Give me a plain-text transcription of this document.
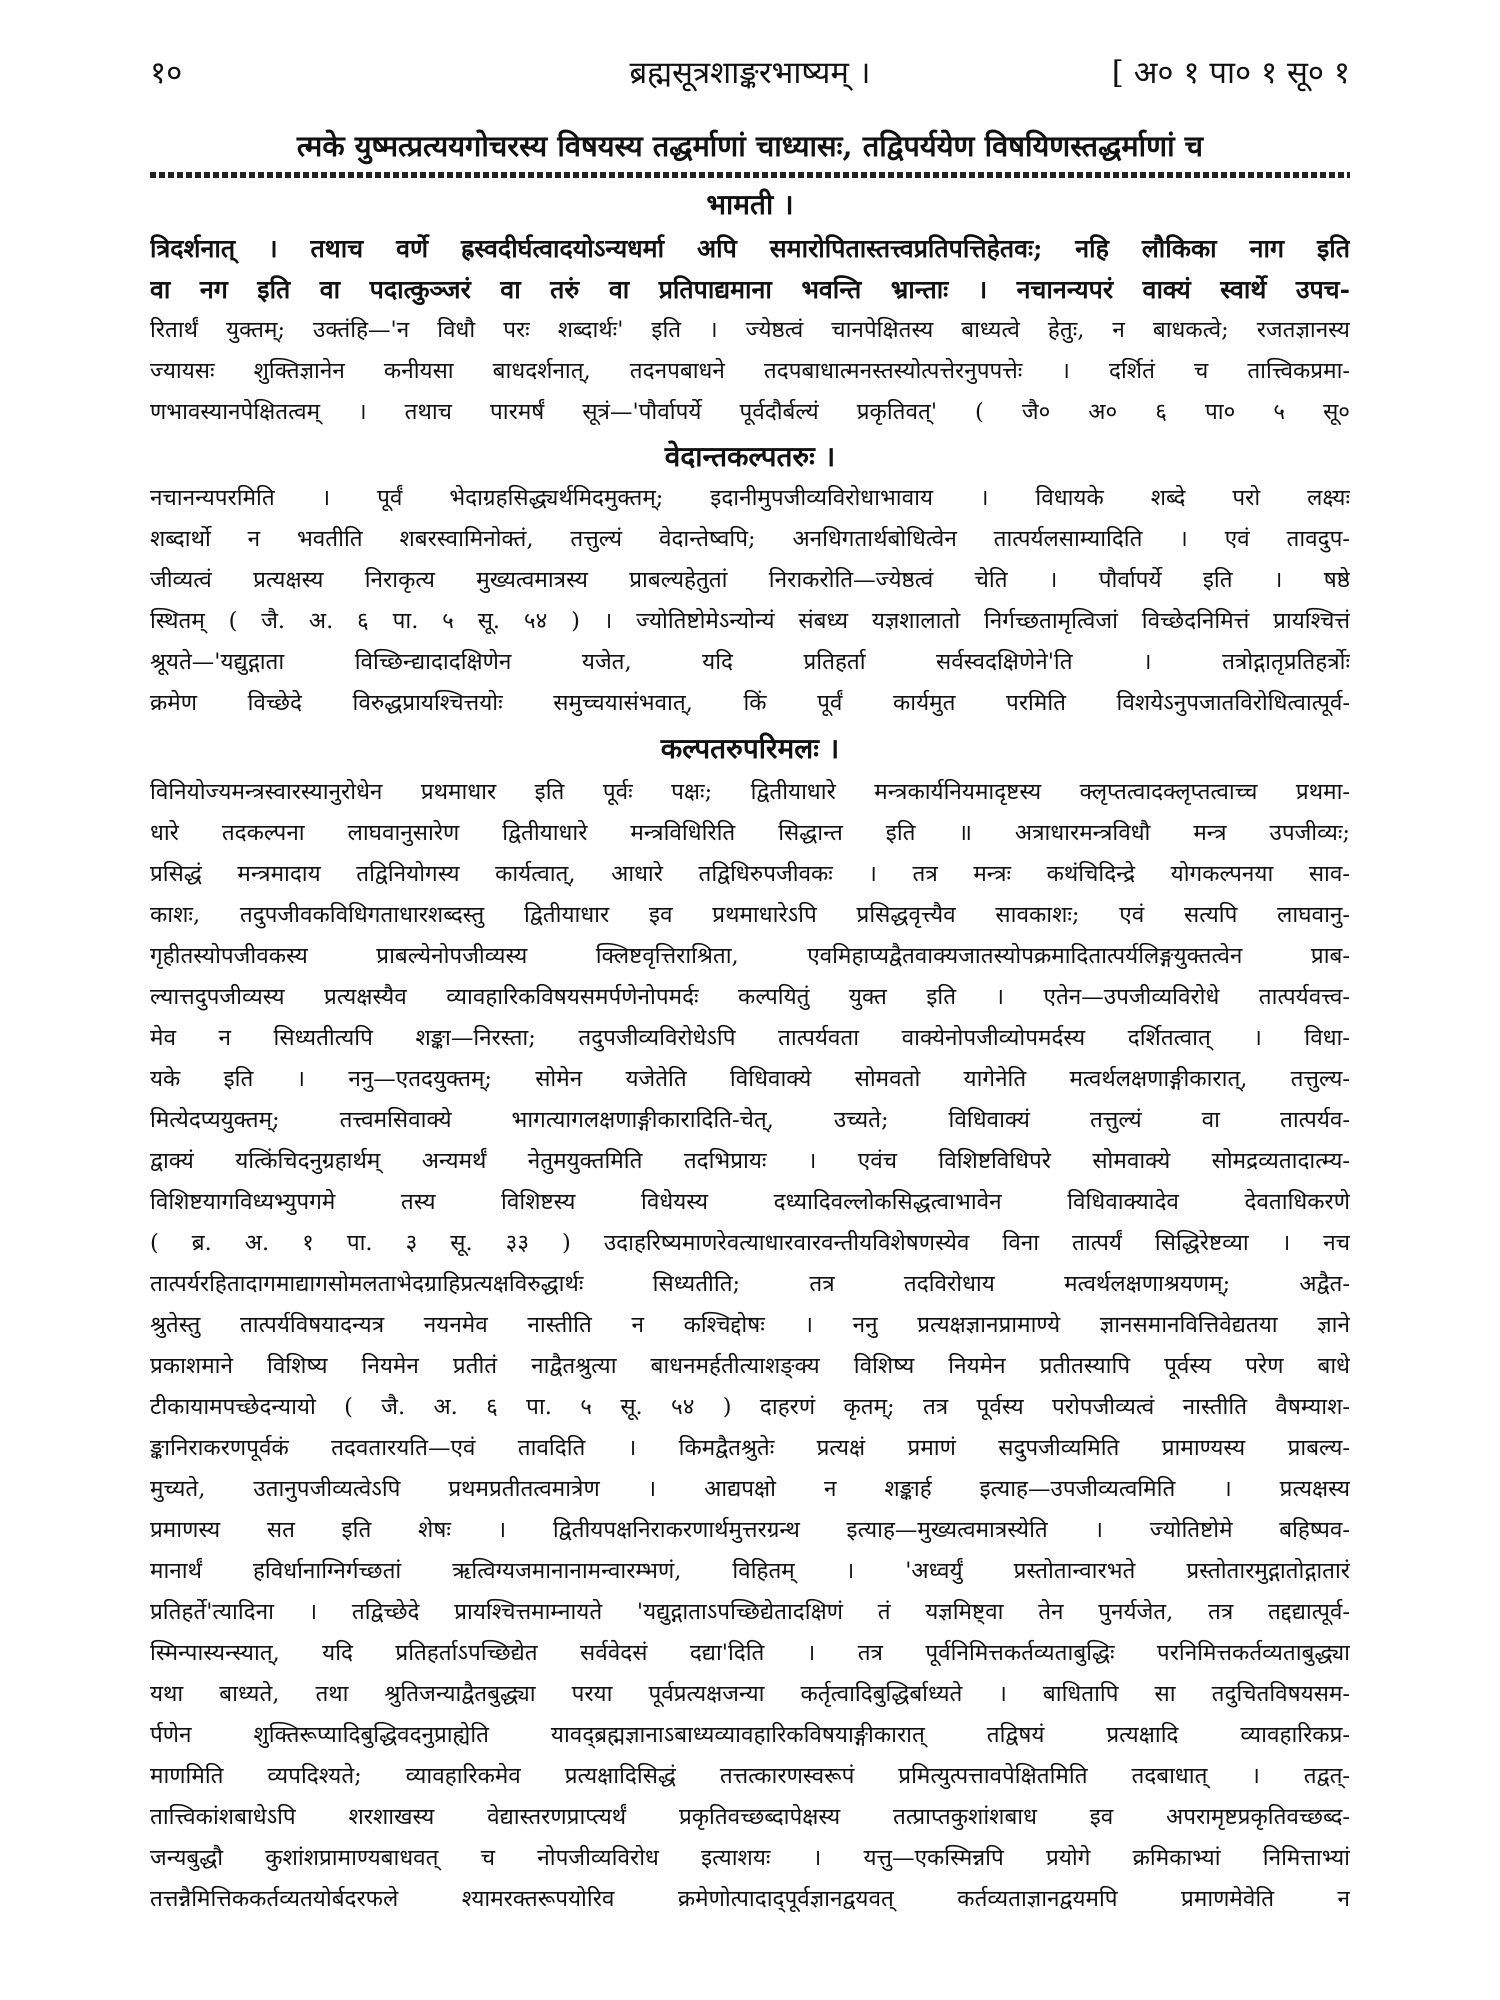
१०	ब्रह्मसूत्रशाङ्करभाष्यम् ।	[ अ० १ पा० १ सू० १
त्मके युष्मत्प्रत्ययगोचरस्य विषयस्य तद्धर्माणां चाध्यासः, तद्विपर्ययेण विषयिणस्तद्धर्माणां च
भामती ।
त्रिदर्शनात् । तथाच वर्णे ह्रस्वदीर्घत्वादयोऽन्यधर्मा अपि समारोपितास्तत्त्वप्रतिपत्तिहेतवः; नहि लौकिका नाग इति
वा नग इति वा पदात्कुञ्जरं वा तरुं वा प्रतिपाद्यमाना भवन्ति भ्रान्ताः । नचानन्यपरं वाक्यं स्वार्थे उपच-
रितार्थं युक्तम्; उक्तंहि—'न विधौ परः शब्दार्थः' इति । ज्येष्ठत्वं चानपेक्षितस्य बाध्यत्वे हेतुः, न बाधकत्वे; रजतज्ञानस्य
ज्यायसः शुक्तिज्ञानेन कनीयसा बाधदर्शनात्, तदनपबाधने तदपबाधात्मनस्तस्योत्पत्तेरनुपपत्तेः । दर्शितं च तात्त्विकप्रमा-
णभावस्यानपेक्षितत्वम् । तथाच पारमर्षं सूत्रं—'पौर्वापर्ये पूर्वदौर्बल्यं प्रकृतिवत्' ( जै० अ० ६ पा० ५ सू०
वेदान्तकल्पतरुः ।
नचानन्यपरमिति । पूर्वं भेदाग्रहसिद्ध्यर्थमिदमुक्तम्; इदानीमुपजीव्यविरोधाभावाय । विधायके शब्दे परो लक्ष्यः
शब्दार्थो न भवतीति शबरस्वामिनोक्तं, तत्तुल्यं वेदान्तेष्वपि; अनधिगतार्थबोधित्वेन तात्पर्यलसाम्यादिति । एवं तावदुप-
जीव्यत्वं प्रत्यक्षस्य निराकृत्य मुख्यत्वमात्रस्य प्राबल्यहेतुतां निराकरोति—ज्येष्ठत्वं चेति । पौर्वापर्ये इति । षष्ठे
स्थितम् ( जै. अ. ६ पा. ५ सू. ५४ ) । ज्योतिष्टोमेऽन्योन्यं संबध्य यज्ञशालातो निर्गच्छतामृत्विजां विच्छेदनिमित्तं प्रायश्चित्तं
श्रूयते—'यद्युद्गाता विच्छिन्द्यादादक्षिणेन यजेत, यदि प्रतिहर्ता सर्वस्वदक्षिणेने'ति । तत्रोद्गातृप्रतिहर्त्रोः
क्रमेण विच्छेदे विरुद्धप्रायश्चित्तयोः समुच्चयासंभवात्, किं पूर्वं कार्यमुत परमिति विशयेऽनुपजातविरोधित्वात्पूर्व-
कल्पतरुपरिमलः ।
विनियोज्यमन्त्रस्वारस्यानुरोधेन प्रथमाधार इति पूर्वः पक्षः; द्वितीयाधारे मन्त्रकार्यनियमादृष्टस्य क्लृप्तत्वादक्लृप्तत्वाच्च प्रथमा-
धारे तदकल्पना लाघवानुसारेण द्वितीयाधारे मन्त्रविधिरिति सिद्धान्त इति ॥ अत्राधारमन्त्रविधौ मन्त्र उपजीव्यः;
प्रसिद्धं मन्त्रमादाय तद्विनियोगस्य कार्यत्वात्, आधारे तद्विधिरुपजीवकः । तत्र मन्त्रः कथंचिदिन्द्रे योगकल्पनया साव-
काशः, तदुपजीवकविधिगताधारशब्दस्तु द्वितीयाधार इव प्रथमाधारेऽपि प्रसिद्धवृत्त्यैव सावकाशः; एवं सत्यपि लाघवानु-
गृहीतस्योपजीवकस्य प्राबल्येनोपजीव्यस्य क्लिष्टवृत्तिराश्रिता, एवमिहाप्यद्वैतवाक्यजातस्योपक्रमादितात्पर्यलिङ्गयुक्तत्वेन प्राब-
ल्यात्तदुपजीव्यस्य प्रत्यक्षस्यैव व्यावहारिकविषयसमर्पणेनोपमर्दः कल्पयितुं युक्त इति । एतेन—उपजीव्यविरोधे तात्पर्यवत्त्व-
मेव न सिध्यतीत्यपि शङ्का—निरस्ता; तदुपजीव्यविरोधेऽपि तात्पर्यवता वाक्येनोपजीव्योपमर्दस्य दर्शितत्वात् । विधा-
यके इति । ननु—एतदयुक्तम्; सोमेन यजेतेति विधिवाक्ये सोमवतो यागेनेति मत्वर्थलक्षणाङ्गीकारात्, तत्तुल्य-
मित्येदप्ययुक्तम्; तत्त्वमसिवाक्ये भागत्यागलक्षणाङ्गीकारादिति-चेत्, उच्यते; विधिवाक्यं तत्तुल्यं वा तात्पर्यव-
द्वाक्यं यत्किंचिदनुग्रहार्थम् अन्यमर्थं नेतुमयुक्तमिति तदभिप्रायः । एवंच विशिष्टविधिपरे सोमवाक्ये सोमद्रव्यतादात्म्य-
विशिष्टयागविध्यभ्युपगमे तस्य विशिष्टस्य विधेयस्य दध्यादिवल्लोकसिद्धत्वाभावेन विधिवाक्यादेव देवताधिकरणे
( ब्र. अ. १ पा. ३ सू. ३३ ) उदाहरिष्यमाणरेवत्याधारवारवन्तीयविशेषणस्येव विना तात्पर्यं सिद्धिरेष्टव्या । नच
तात्पर्यरहितादागमाद्यागसोमलताभेदग्राहिप्रत्यक्षविरुद्धार्थः सिध्यतीति; तत्र तदविरोधाय मत्वर्थलक्षणाश्रयणम्; अद्वैत-
श्रुतेस्तु तात्पर्यविषयादन्यत्र नयनमेव नास्तीति न कश्चिद्दोषः । ननु प्रत्यक्षज्ञानप्रामाण्ये ज्ञानसमानवित्तिवेद्यतया ज्ञाने
प्रकाशमाने विशिष्य नियमेन प्रतीतं नाद्वैतश्रुत्या बाधनमर्हतीत्याशङ्क्य विशिष्य नियमेन प्रतीतस्यापि पूर्वस्य परेण बाधे
टीकायामपच्छेदन्यायो ( जै. अ. ६ पा. ५ सू. ५४ ) दाहरणं कृतम्; तत्र पूर्वस्य परोपजीव्यत्वं नास्तीति वैषम्याश-
ङ्कानिराकरणपूर्वकं तदवतारयति—एवं तावदिति । किमद्वैतश्रुतेः प्रत्यक्षं प्रमाणं सदुपजीव्यमिति प्रामाण्यस्य प्राबल्य-
मुच्यते, उतानुपजीव्यत्वेऽपि प्रथमप्रतीतत्वमात्रेण । आद्यपक्षो न शङ्कार्ह इत्याह—उपजीव्यत्वमिति । प्रत्यक्षस्य
प्रमाणस्य सत इति शेषः । द्वितीयपक्षनिराकरणार्थमुत्तरग्रन्थ इत्याह—मुख्यत्वमात्रस्येति । ज्योतिष्टोमे बहिष्पव-
मानार्थं हविर्धानाग्निर्गच्छतां ऋत्विग्यजमानानामन्वारम्भणं, विहितम् । 'अध्वर्युं प्रस्तोतान्वारभते प्रस्तोतारमुद्गातोद्गातारं
प्रतिहर्ते'त्यादिना । तद्विच्छेदे प्रायश्चित्तमाम्नायते 'यद्युद्गाताऽपच्छिद्येतादक्षिणं तं यज्ञमिष्ट्वा तेन पुनर्यजेत, तत्र तद्दद्यात्पूर्व-
स्मिन्पास्यन्स्यात्, यदि प्रतिहर्ताऽपच्छिद्येत सर्ववेदसं दद्या'दिति । तत्र पूर्वनिमित्तकर्तव्यताबुद्धिः परनिमित्तकर्तव्यताबुद्ध्या
यथा बाध्यते, तथा श्रुतिजन्याद्वैतबुद्ध्या परया पूर्वप्रत्यक्षजन्या कर्तृत्वादिबुद्धिर्बाध्यते । बाधितापि सा तदुचितविषयसम-
र्पणेन शुक्तिरूप्यादिबुद्धिवदनुप्राह्येति यावद्ब्रह्मज्ञानाऽबाध्यव्यावहारिकविषयाङ्गीकारात् तद्विषयं प्रत्यक्षादि व्यावहारिकप्र-
माणमिति व्यपदिश्यते; व्यावहारिकमेव प्रत्यक्षादिसिद्धं तत्तत्कारणस्वरूपं प्रमित्युत्पत्तावपेक्षितमिति तदबाधात् । तद्वत्-
तात्त्विकांशबाधेऽपि शरशाखस्य वेद्यास्तरणप्राप्त्यर्थं प्रकृतिवच्छब्दापेक्षस्य तत्प्राप्तकुशांशबाध इव अपरामृष्टप्रकृतिवच्छब्द-
जन्यबुद्धौ कुशांशप्रामाण्यबाधवत् च नोपजीव्यविरोध इत्याशयः । यत्तु—एकस्मिन्नपि प्रयोगे क्रमिकाभ्यां निमित्ताभ्यां
तत्तन्नैमित्तिककर्तव्यतयोर्बदरफले श्यामरक्तरूपयोरिव क्रमेणोत्पादाद्पूर्वज्ञानद्वयवत् कर्तव्यताज्ञानद्वयमपि प्रमाणमेवेति न
